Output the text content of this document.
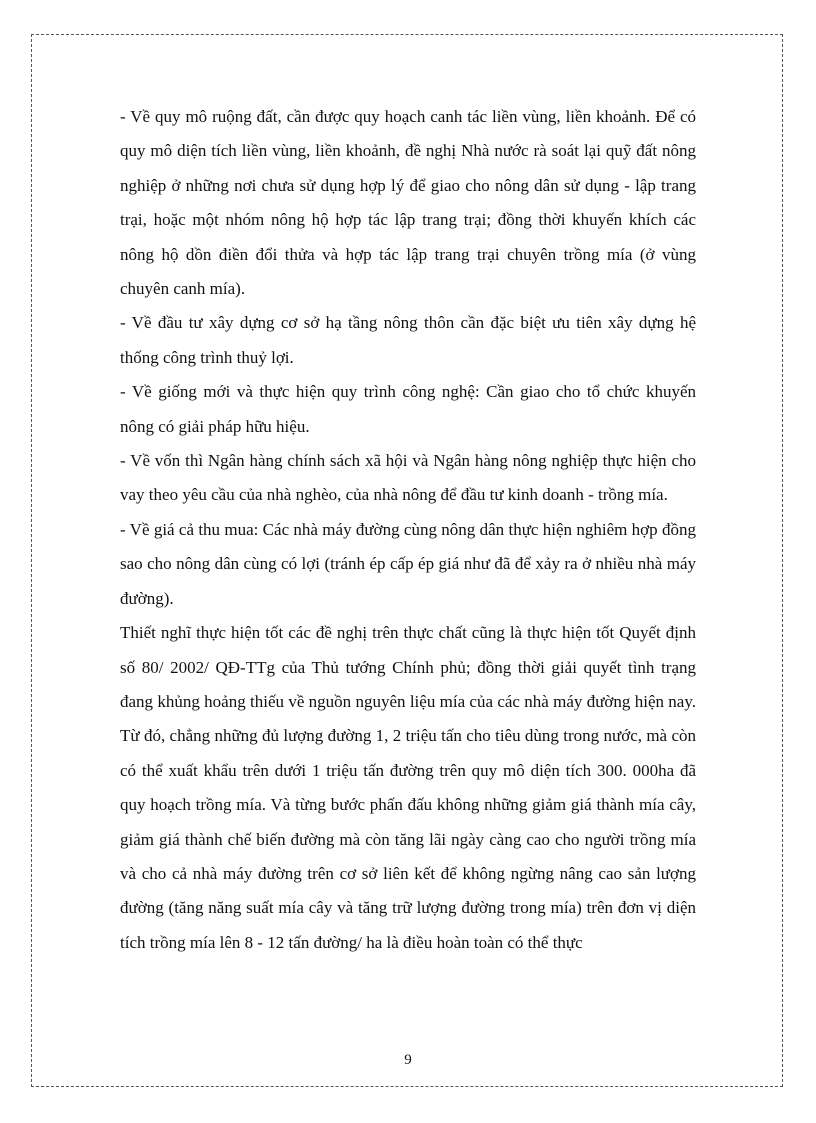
- Về quy mô ruộng đất, cần được quy hoạch canh tác liền vùng, liền khoảnh. Để có quy mô diện tích liền vùng, liền khoảnh, đề nghị Nhà nước rà soát lại quỹ đất nông nghiệp ở những nơi chưa sử dụng hợp lý để giao cho nông dân sử dụng - lập trang trại, hoặc một nhóm nông hộ hợp tác lập trang trại; đồng thời khuyến khích các nông hộ dồn điền đổi thửa và hợp tác lập trang trại chuyên trồng mía (ở vùng chuyên canh mía).

- Về đầu tư xây dựng cơ sở hạ tầng nông thôn cần đặc biệt ưu tiên xây dựng hệ thống công trình thuỷ lợi.

- Về giống mới và thực hiện quy trình công nghệ: Cần giao cho tổ chức khuyến nông có giải pháp hữu hiệu.

- Về vốn thì Ngân hàng chính sách xã hội và Ngân hàng nông nghiệp thực hiện cho vay theo yêu cầu của nhà nghèo, của nhà nông để đầu tư kinh doanh - trồng mía.

- Về giá cả thu mua: Các nhà máy đường cùng nông dân thực hiện nghiêm hợp đồng sao cho nông dân cùng có lợi (tránh ép cấp ép giá như đã để xảy ra ở nhiều nhà máy đường).

Thiết nghĩ thực hiện tốt các đề nghị trên thực chất cũng là thực hiện tốt Quyết định số 80/ 2002/ QĐ-TTg của Thủ tướng Chính phủ; đồng thời giải quyết tình trạng đang khủng hoảng thiếu về nguồn nguyên liệu mía của các nhà máy đường hiện nay. Từ đó, chẳng những đủ lượng đường 1, 2 triệu tấn cho tiêu dùng trong nước, mà còn có thể xuất khẩu trên dưới 1 triệu tấn đường trên quy mô diện tích 300. 000ha đã quy hoạch trồng mía. Và từng bước phấn đấu không những giảm giá thành mía cây, giảm giá thành chế biến đường mà còn tăng lãi ngày càng cao cho người trồng mía và cho cả nhà máy đường trên cơ sở liên kết để không ngừng nâng cao sản lượng đường (tăng năng suất mía cây và tăng trữ lượng đường trong mía) trên đơn vị diện tích trồng mía lên 8 - 12 tấn đường/ ha là điều hoàn toàn có thể thực

9
